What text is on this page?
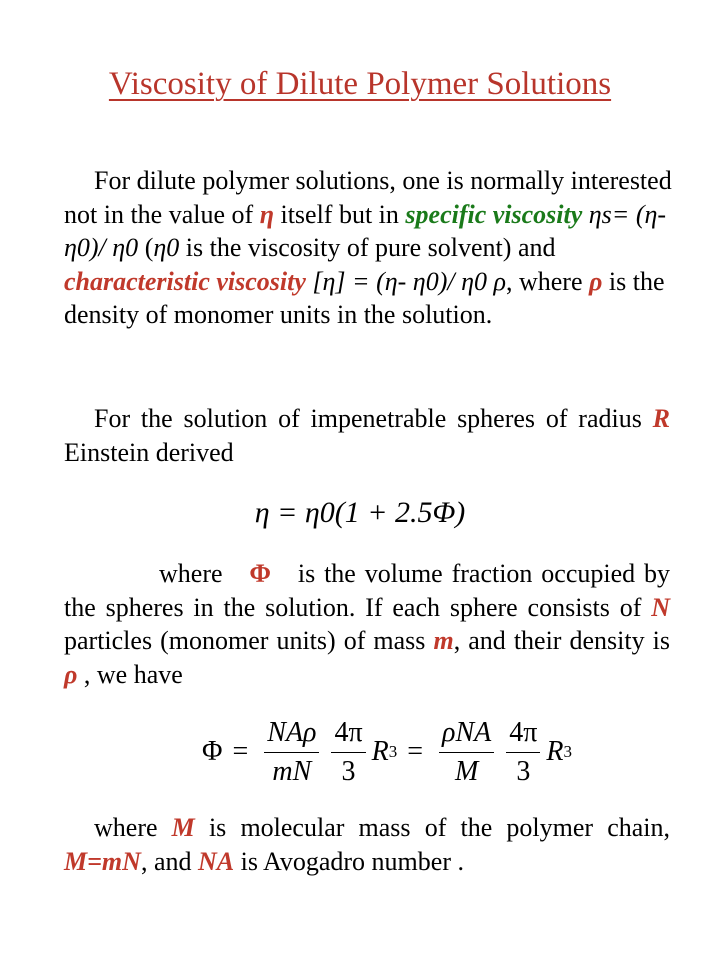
Viscosity of Dilute Polymer Solutions

For dilute polymer solutions, one is normally interested not in the value of η itself but in specific viscosity ηs= (η- η0)/ η0 (η0 is the viscosity of pure solvent) and characteristic viscosity [η] = (η- η0)/ η0 ρ, where ρ is the density of monomer units in the solution.

For the solution of impenetrable spheres of radius R Einstein derived

η = η0(1 + 2.5Φ)

where Φ is the volume fraction occupied by the spheres in the solution. If each sphere consists of N particles (monomer units) of mass m, and their density is ρ , we have

$\Phi = \frac{\text{NAρ}}{mN} \frac{4\pi}{3}$ R $3 = \frac{\text{ρNA}}{M} \frac{4\pi}{3}$ R 3

where M is molecular mass of the polymer chain, M=mN, and NA is Avogadro number .
